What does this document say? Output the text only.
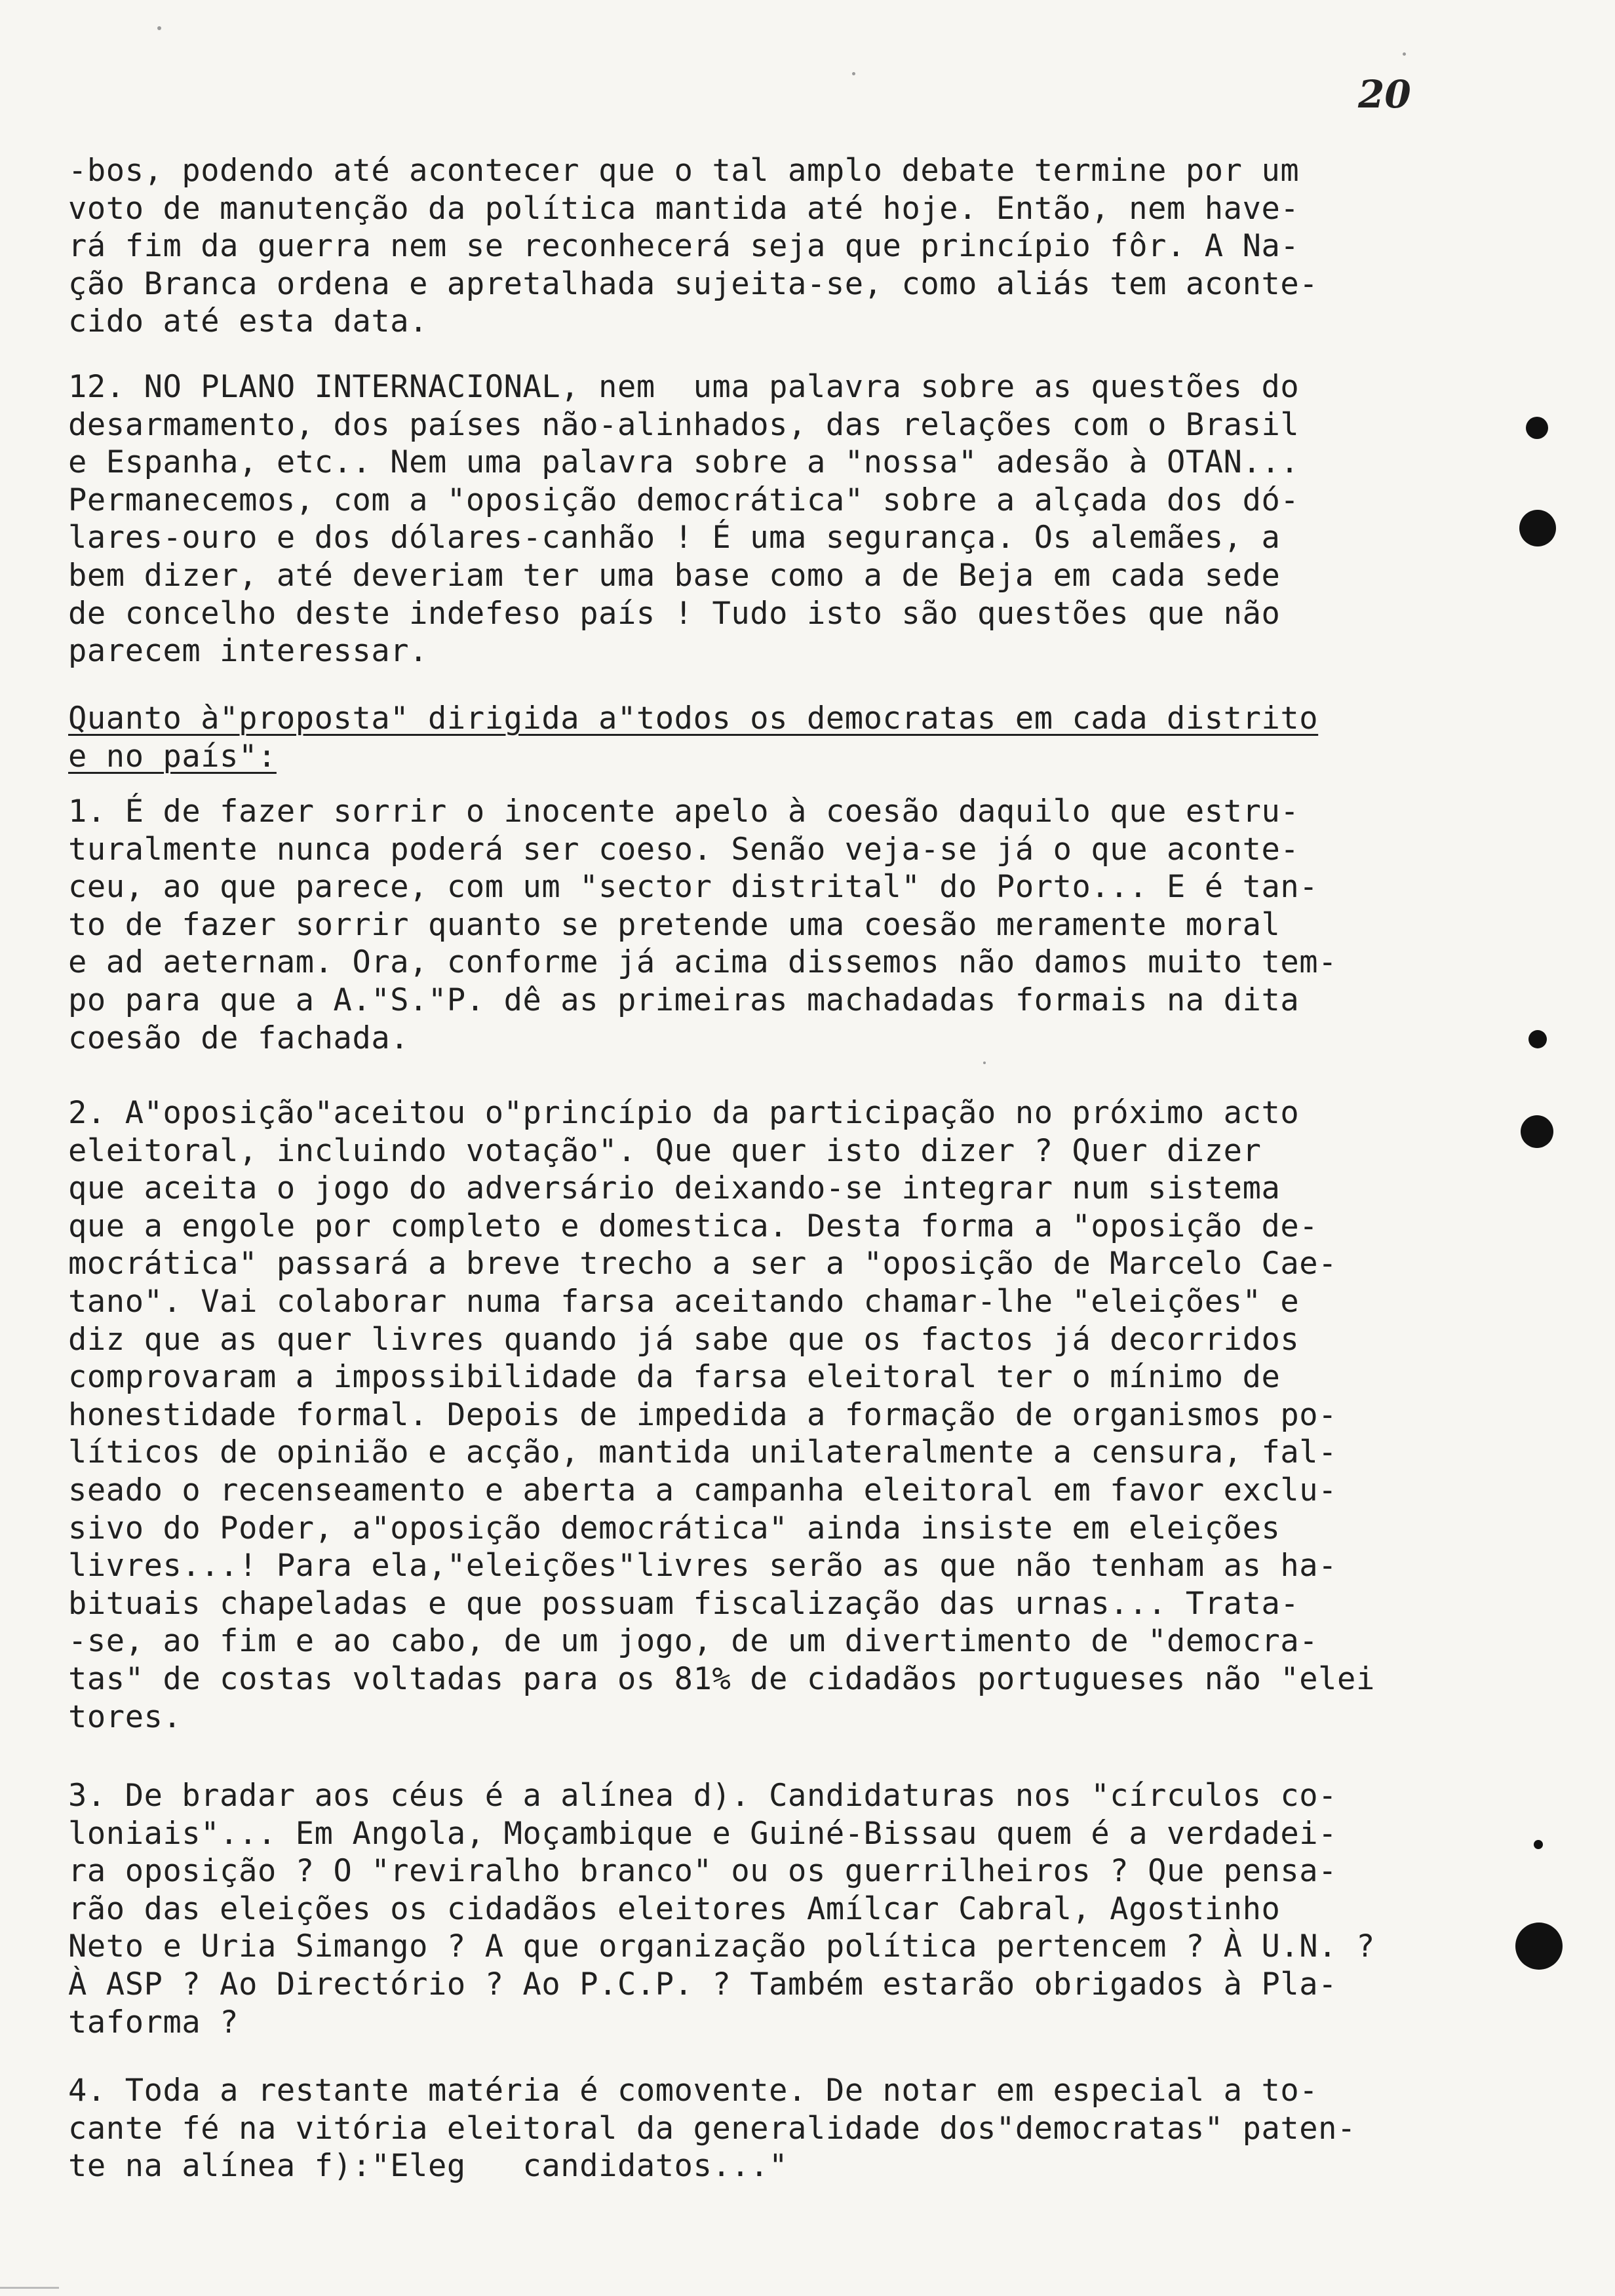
20
-bos, podendo até acontecer que o tal amplo debate termine por um
voto de manutenção da política mantida até hoje. Então, nem have-
rá fim da guerra nem se reconhecerá seja que princípio fôr. A Na-
ção Branca ordena e apretalhada sujeita-se, como aliás tem aconte-
cido até esta data.
12. NO PLANO INTERNACIONAL, nem  uma palavra sobre as questões do
desarmamento, dos países não-alinhados, das relações com o Brasil
e Espanha, etc.. Nem uma palavra sobre a "nossa" adesão à OTAN...
Permanecemos, com a "oposição democrática" sobre a alçada dos dó-
lares-ouro e dos dólares-canhão ! É uma segurança. Os alemães, a
bem dizer, até deveriam ter uma base como a de Beja em cada sede
de concelho deste indefeso país ! Tudo isto são questões que não
parecem interessar.
Quanto à"proposta" dirigida a"todos os democratas em cada distrito
e no país":
1. É de fazer sorrir o inocente apelo à coesão daquilo que estru-
turalmente nunca poderá ser coeso. Senão veja-se já o que aconte-
ceu, ao que parece, com um "sector distrital" do Porto... E é tan-
to de fazer sorrir quanto se pretende uma coesão meramente moral
e ad aeternam. Ora, conforme já acima dissemos não damos muito tem-
po para que a A."S."P. dê as primeiras machadadas formais na dita
coesão de fachada.
2. A"oposição"aceitou o"princípio da participação no próximo acto
eleitoral, incluindo votação". Que quer isto dizer ? Quer dizer
que aceita o jogo do adversário deixando-se integrar num sistema
que a engole por completo e domestica. Desta forma a "oposição de-
mocrática" passará a breve trecho a ser a "oposição de Marcelo Cae-
tano". Vai colaborar numa farsa aceitando chamar-lhe "eleições" e
diz que as quer livres quando já sabe que os factos já decorridos
comprovaram a impossibilidade da farsa eleitoral ter o mínimo de
honestidade formal. Depois de impedida a formação de organismos po-
líticos de opinião e acção, mantida unilateralmente a censura, fal-
seado o recenseamento e aberta a campanha eleitoral em favor exclu-
sivo do Poder, a"oposição democrática" ainda insiste em eleições
livres...! Para ela,"eleições"livres serão as que não tenham as ha-
bituais chapeladas e que possuam fiscalização das urnas... Trata-
-se, ao fim e ao cabo, de um jogo, de um divertimento de "democra-
tas" de costas voltadas para os 81% de cidadãos portugueses não "elei
tores.
3. De bradar aos céus é a alínea d). Candidaturas nos "círculos co-
loniais"... Em Angola, Moçambique e Guiné-Bissau quem é a verdadei-
ra oposição ? O "reviralho branco" ou os guerrilheiros ? Que pensa-
rão das eleições os cidadãos eleitores Amílcar Cabral, Agostinho
Neto e Uria Simango ? A que organização política pertencem ? À U.N. ?
À ASP ? Ao Directório ? Ao P.C.P. ? Também estarão obrigados à Pla-
taforma ?
4. Toda a restante matéria é comovente. De notar em especial a to-
cante fé na vitória eleitoral da generalidade dos"democratas" paten-
te na alínea f):"Eleg   candidatos..."
